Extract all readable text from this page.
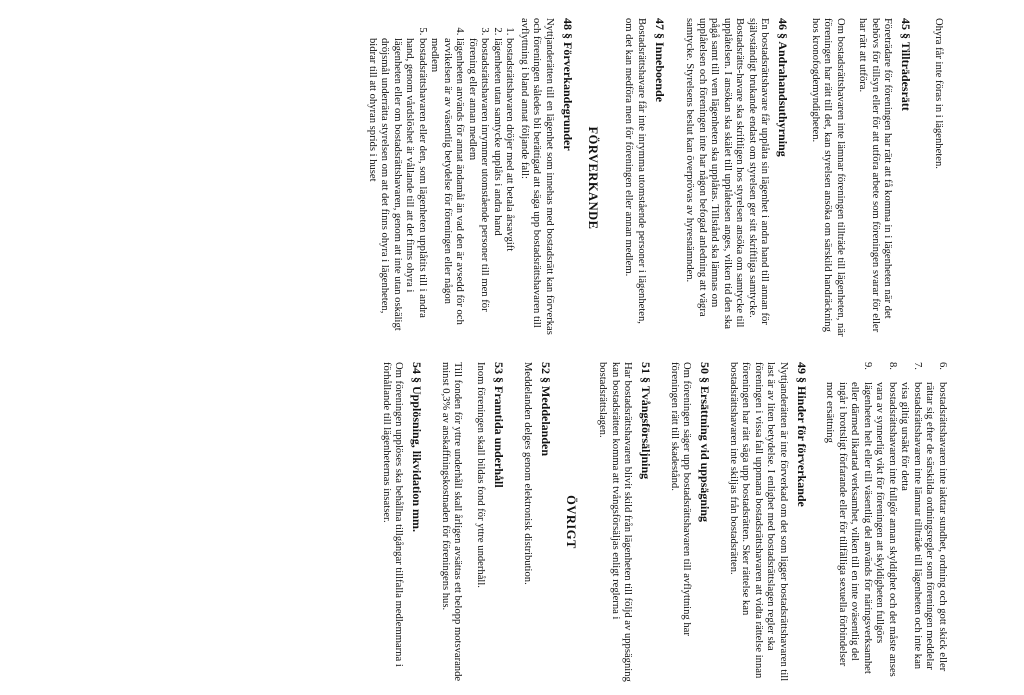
Ohyra får inte föras in i lägenheten.

45 § Tillträdesrätt

Företrädare för föreningen har rätt att få komma in i lägenheten när det behövs för tillsyn eller för att utföra arbete som föreningen svarar för eller har rätt att utföra.

Om bostadsrättshavaren inte lämnar föreningen tillträde till lägenheten, när föreningen har rätt till det, kan styrelsen ansöka om särskild handräckning hos kronofogdemyndigheten.

46 § Andrahandsuthyrning

En bostadsrättshavare får upplåta sin lägenhet i andra hand till annan för självständigt brukande endast om styrelsen ger sitt skriftliga samtycke. Bostadsrätts-havare ska skriftligen hos styrelsen ansöka om samtycke till upplåtelsen. I ansökan ska skälet till upplåtelsen anges, vilken tid den ska pågå samt till vem lägenheten ska upplåtas. Tillstånd ska lämnas om upplåtelsen och föreningen inte har någon befogad anledning att vägra samtycke. Styrelsens beslut kan överprövas av hyresnämnden.

47 § Inneboende

Bostadsrättshavare får inte inrymma utomstående personer i lägenheten, om det kan medföra men för föreningen eller annan medlem.

FÖRVERKANDE
48 § Förverkandegrunder

Nyttjanderätten till en lägenhet som innehas med bostadsrätt kan förverkas och föreningen således bli berättigad att säga upp bostadsrättshavaren till avflyttning i bland annat följande fall:

1. bostadsrättshavaren dröjer med att betala årsavgift
2. lägenheten utan samtycke upplåts i andra hand
3. bostadsrättshavaren inrymmer utomstående personer till men för förening eller annan medlem
4. lägenheten används för annat ändamål än vad den är avsedd för och avvikelsen är av väsentlig betydelse för föreningen eller någon medlem
5. bostadsrättshavaren eller den, som lägenheten upplåtits till i andra hand, genom vårdslöshet är vållande till att det finns ohyra i lägenheten eller om bostadsrättshavaren, genom att inte utan oskäligt dröjsmål underrätta styrelsen om att det finns ohyra i lägenheten, bidrar till att ohyran sprids i huset
6.
bostadsrättshavaren inte iakttar sundhet, ordning och gott skick eller rättar sig efter de särskilda ordningsregler som föreningen meddelar
7.
bostadsrättshavaren inte lämnar tillträde till lägenheten och inte kan visa giltig ursäkt för detta
8.
bostadsrättshavaren inte fullgör annan skyldighet och det måste anses vara av synnerlig vikt för föreningen att skyldigheten fullgörs
9.
lägenheten helt eller till väsentlig del används för näringsverksamhet eller därmed likartad verksamhet, vilken till en inte oväsentlig del ingår i brottsligt förfarande eller för tillfälliga sexuella förbindelser mot ersättning
49 § Hinder för förverkande

Nyttjanderätten är inte förverkad om det som ligger bostadsrättshavaren till last är av liten betydelse. I enlighet med bostadsrättslagen regler ska föreningen i vissa fall uppmana bostadsrättshavaren att vidta rättelse innan föreningen har rätt säga upp bostadsrätten. Sker rättelse kan bostadsrättshavaren inte skiljas från bostadsrätten.

50 § Ersättning vid uppsägning

Om föreningen säger upp bostadsrättshavaren till avflyttning har föreningen rätt till skadestånd.

51 § Tvångsförsäljning

Har bostadsrättshavaren blivit skild från lägenheten till följd av uppsägning kan bostadsrätten komma att tvångsförsäljas enligt reglerna i bostadsrättslagen.

ÖVRIGT
52 § Meddelanden

Meddelanden delges genom elektronisk distribution.

53 § Framtida underhåll

Inom föreningen skall bildas fond för yttre underhåll.

Till fonden för yttre underhåll skall årligen avsättas ett belopp motsvarande minst 0,3% av anskaffningskostnaden för föreningens hus.

54 § Upplösning, likvidation mm.

Om föreningen upplöses ska behållna tillgångar tillfalla medlemmarna i förhållande till lägenheternas insatser.
